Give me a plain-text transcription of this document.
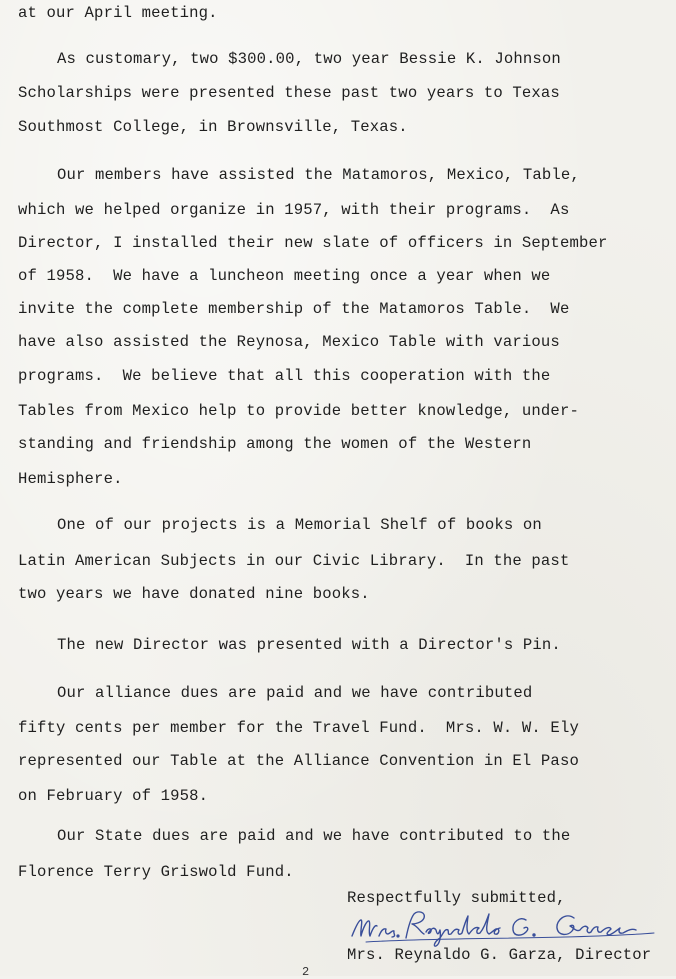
at our April meeting.
As customary, two $300.00, two year Bessie K. Johnson
Scholarships were presented these past two years to Texas
Southmost College, in Brownsville, Texas.
Our members have assisted the Matamoros, Mexico, Table,
which we helped organize in 1957, with their programs.  As
Director, I installed their new slate of officers in September
of 1958.  We have a luncheon meeting once a year when we
invite the complete membership of the Matamoros Table.  We
have also assisted the Reynosa, Mexico Table with various
programs.  We believe that all this cooperation with the
Tables from Mexico help to provide better knowledge, under-
standing and friendship among the women of the Western
Hemisphere.
One of our projects is a Memorial Shelf of books on
Latin American Subjects in our Civic Library.  In the past
two years we have donated nine books.
The new Director was presented with a Director's Pin.
Our alliance dues are paid and we have contributed
fifty cents per member for the Travel Fund.  Mrs. W. W. Ely
represented our Table at the Alliance Convention in El Paso
on February of 1958.
Our State dues are paid and we have contributed to the
Florence Terry Griswold Fund.
Respectfully submitted,
Mrs. Reynaldo G. Garza, Director
2
